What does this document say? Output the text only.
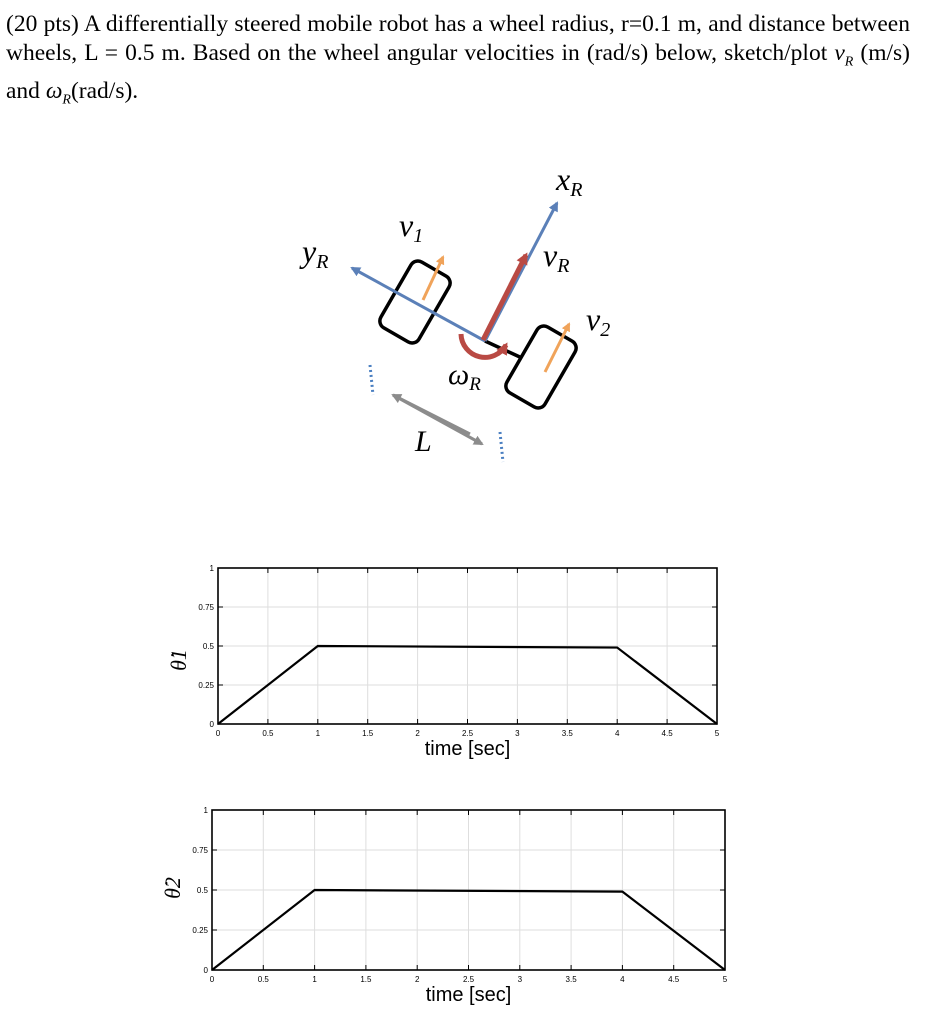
(20 pts) A differentially steered mobile robot has a wheel radius, r=0.1 m, and distance between wheels, L = 0.5 m. Based on the wheel angular velocities in (rad/s) below, sketch/plot $v_R$ (m/s) and $\omega_R(rad/s)$.

xR
yR
v1
vR
v2
$\omega_R$
L
0	0.5	1	1.5	2	2.5	3	3.5	4	4.5	5
0
0.25
0.5
0.75
1
time [sec]
θ̇1
0	0.5	1	1.5	2	2.5	3	3.5	4	4.5	5
0
0.25
0.5
0.75
1
time [sec]
θ̇2
